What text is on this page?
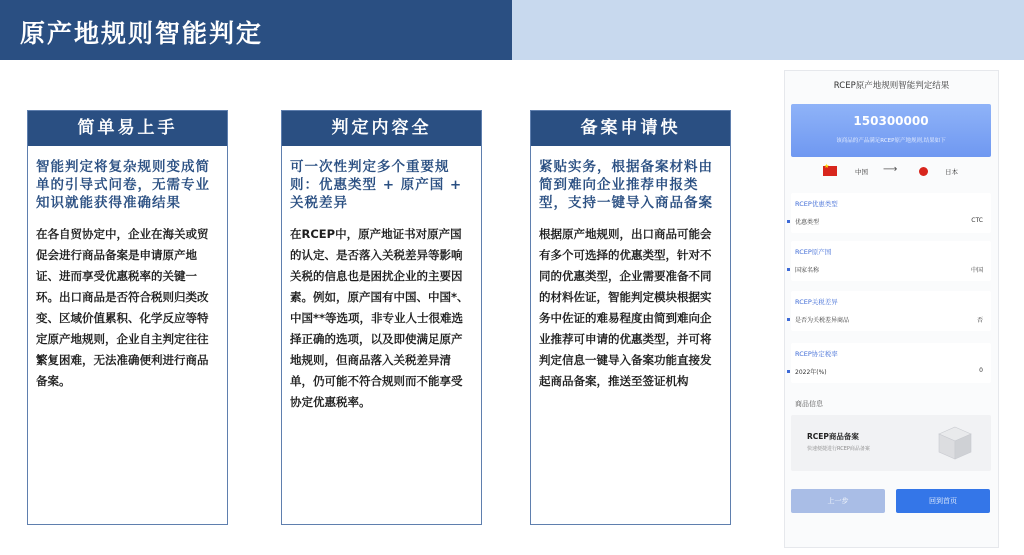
原产地规则智能判定
简单易上手
智能判定将复杂规则变成简单的引导式问卷，无需专业知识就能获得准确结果
在各自贸协定中，企业在海关或贸促会进行商品备案是申请原产地证、进而享受优惠税率的关键一环。出口商品是否符合税则归类改变、区域价值累积、化学反应等特定原产地规则，企业自主判定往往繁复困难，无法准确便利进行商品备案。
判定内容全
可一次性判定多个重要规则：优惠类型 + 原产国 + 关税差异
在RCEP中，原产地证书对原产国的认定、是否落入关税差异等影响关税的信息也是困扰企业的主要因素。例如，原产国有中国、中国*、中国**等选项，非专业人士很难选择正确的选项，以及即使满足原产地规则，但商品落入关税差异清单，仍可能不符合规则而不能享受协定优惠税率。
备案申请快
紧贴实务，根据备案材料由简到难向企业推荐申报类型，支持一键导入商品备案
根据原产地规则，出口商品可能会有多个可选择的优惠类型，针对不同的优惠类型，企业需要准备不同的材料佐证，智能判定模块根据实务中佐证的难易程度由简到难向企业推荐可申请的优惠类型，并可将判定信息一键导入备案功能直接发起商品备案，推送至签证机构
RCEP原产地规则智能判定结果
150300000
该商品的产品满足RCEP原产地规则,结果如下
★
中国 ⟶	日本
RCEP优惠类型
优惠类型	CTC
RCEP原产国
国家名称	中国
RCEP关税差异
是否为关税差异商品	否
RCEP协定税率
2022年(%)	0
商品信息
RCEP商品备案
快速便捷进行RCEP商品备案
上一步	回到首页
